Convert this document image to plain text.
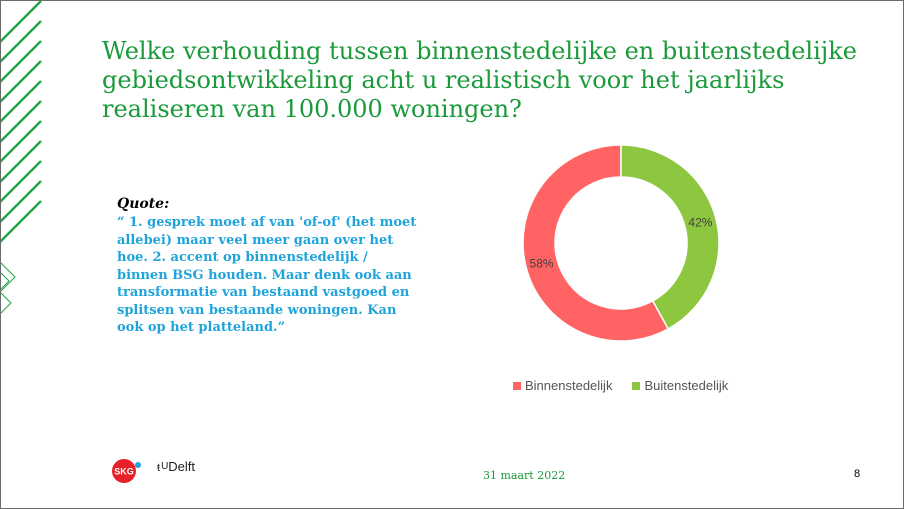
Welke verhouding tussen binnenstedelijke en buitenstedelijke gebiedsontwikkeling acht u realistisch voor het jaarlijks realiseren van 100.000 woningen?
Quote:
“ 1. gesprek moet af van 'of-of' (het moet allebei) maar veel meer gaan over het hoe. 2. accent op binnenstedelijk / binnen BSG houden. Maar denk ook aan transformatie van bestaand vastgoed en splitsen van bestaande woningen. Kan ook op het platteland.”
58%
42%
Binnenstedelijk Buitenstedelijk
SKG ŧUDelft
31 maart 2022	8
